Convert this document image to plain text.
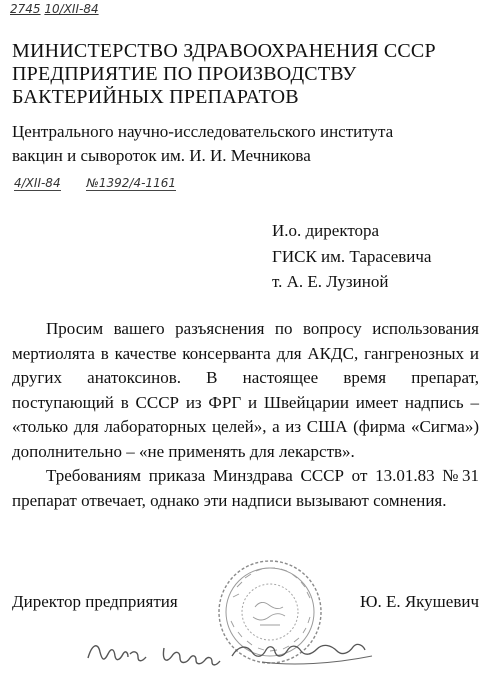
2745 10/XII-84
МИНИСТЕРСТВО ЗДРАВООХРАНЕНИЯ СССР
ПРЕДПРИЯТИЕ ПО ПРОИЗВОДСТВУ
БАКТЕРИЙНЫХ ПРЕПАРАТОВ
Центрального научно-исследовательского института
вакцин и сывороток им. И. И. Мечникова
4/XII-84 №1392/4-1161
И.о. директора
ГИСК им. Тарасевича
т. А. Е. Лузиной

Просим вашего разъяснения по вопросу использования мертиолята в качестве консерванта для АКДС, гангренозных и других анатоксинов. В настоящее время препарат, поступающий в СССР из ФРГ и Швейцарии имеет надпись – «только для лабораторных целей», а из США (фирма «Сигма») дополнительно – «не применять для лекарств».

Требованиям приказа Минздрава СССР от 13.01.83 №31 препарат отвечает, однако эти надписи вызывают сомнения.

Директор предприятия	Ю. Е. Якушевич
